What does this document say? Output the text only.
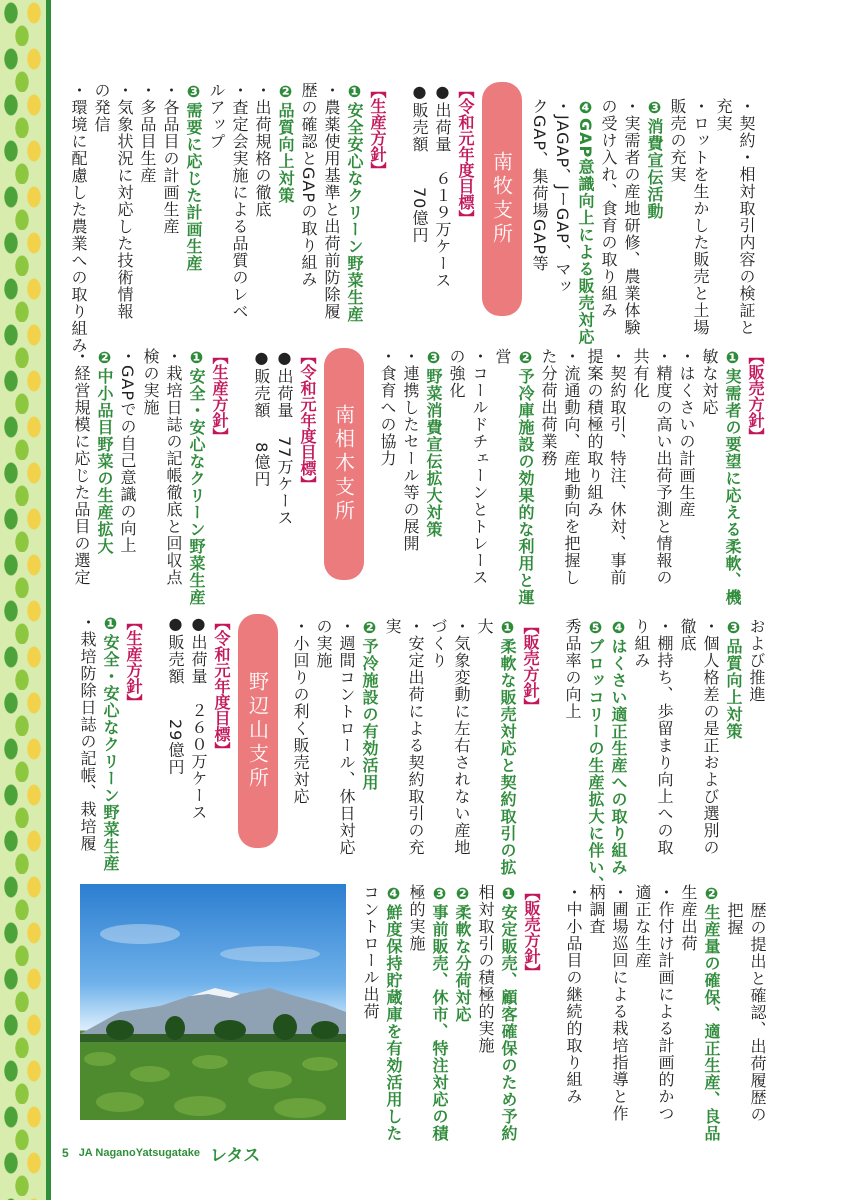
・契約・相対取引内容の検証と
充実
・ロットを生かした販売と土場
販売の充実
❸消費宣伝活動
・実需者の産地研修、農業体験
の受け入れ、食育の取り組み
❹GAP意識向上による販売対応
・JAGAP、JーGAP、マッ
クGAP、集荷場GAP等
南牧支所
【令和元年度目標】
●出荷量　６１９万ケース
●販売額　　70億円
【生産方針】
❶安全安心なクリーン野菜生産
・農薬使用基準と出荷前防除履
歴の確認とGAPの取り組み
❷品質向上対策
・出荷規格の徹底
・査定会実施による品質のレベ
ルアップ
❸需要に応じた計画生産
・各品目の計画生産
・多品目生産
・気象状況に対応した技術情報
の発信
・環境に配慮した農業への取り組み
【販売方針】
❶実需者の要望に応える柔軟、機
敏な対応
・はくさいの計画生産
・精度の高い出荷予測と情報の
共有化
・契約取引、特注、休対、事前
提案の積極的取り組み
・流通動向、産地動向を把握し
た分荷出荷業務
❷予冷庫施設の効果的な利用と運
営
・コールドチェーンとトレース
の強化
❸野菜消費宣伝拡大対策
・連携したセール等の展開
・食育への協力
南相木支所
【令和元年度目標】
●出荷量　77万ケース
●販売額　 8億円
【生産方針】
❶安全・安心なクリーン野菜生産
・栽培日誌の記帳徹底と回収点
検の実施
・GAPでの自己意識の向上
❷中小品目野菜の生産拡大
・経営規模に応じた品目の選定
および推進
❸品質向上対策
・個人格差の是正および選別の
徹底
・棚持ち、歩留まり向上への取
り組み
❹はくさい適正生産への取り組み
❺ブロッコリーの生産拡大に伴い、
秀品率の向上
【販売方針】
❶柔軟な販売対応と契約取引の拡
大
・気象変動に左右されない産地
づくり
・安定出荷による契約取引の充
実
❷予冷施設の有効活用
・週間コントロール、休日対応
の実施
・小回りの利く販売対応
野辺山支所
【令和元年度目標】
●出荷量　２６０万ケース
●販売額　　29億円
【生産方針】
❶安全・安心なクリーン野菜生産
・栽培防除日誌の記帳、栽培履
歴の提出と確認、出荷履歴の
把握
❷生産量の確保、適正生産、良品
生産出荷
・作付け計画による計画的かつ
適正な生産
・圃場巡回による栽培指導と作
柄調査
・中小品目の継続的取り組み
【販売方針】
❶安定販売、顧客確保のため予約
相対取引の積極的実施
❷柔軟な分荷対応
❸事前販売、休市、特注対応の積
極的実施
❹鮮度保持貯蔵庫を有効活用した
コントロール出荷
5 JA NaganoYatsugatake レタス
